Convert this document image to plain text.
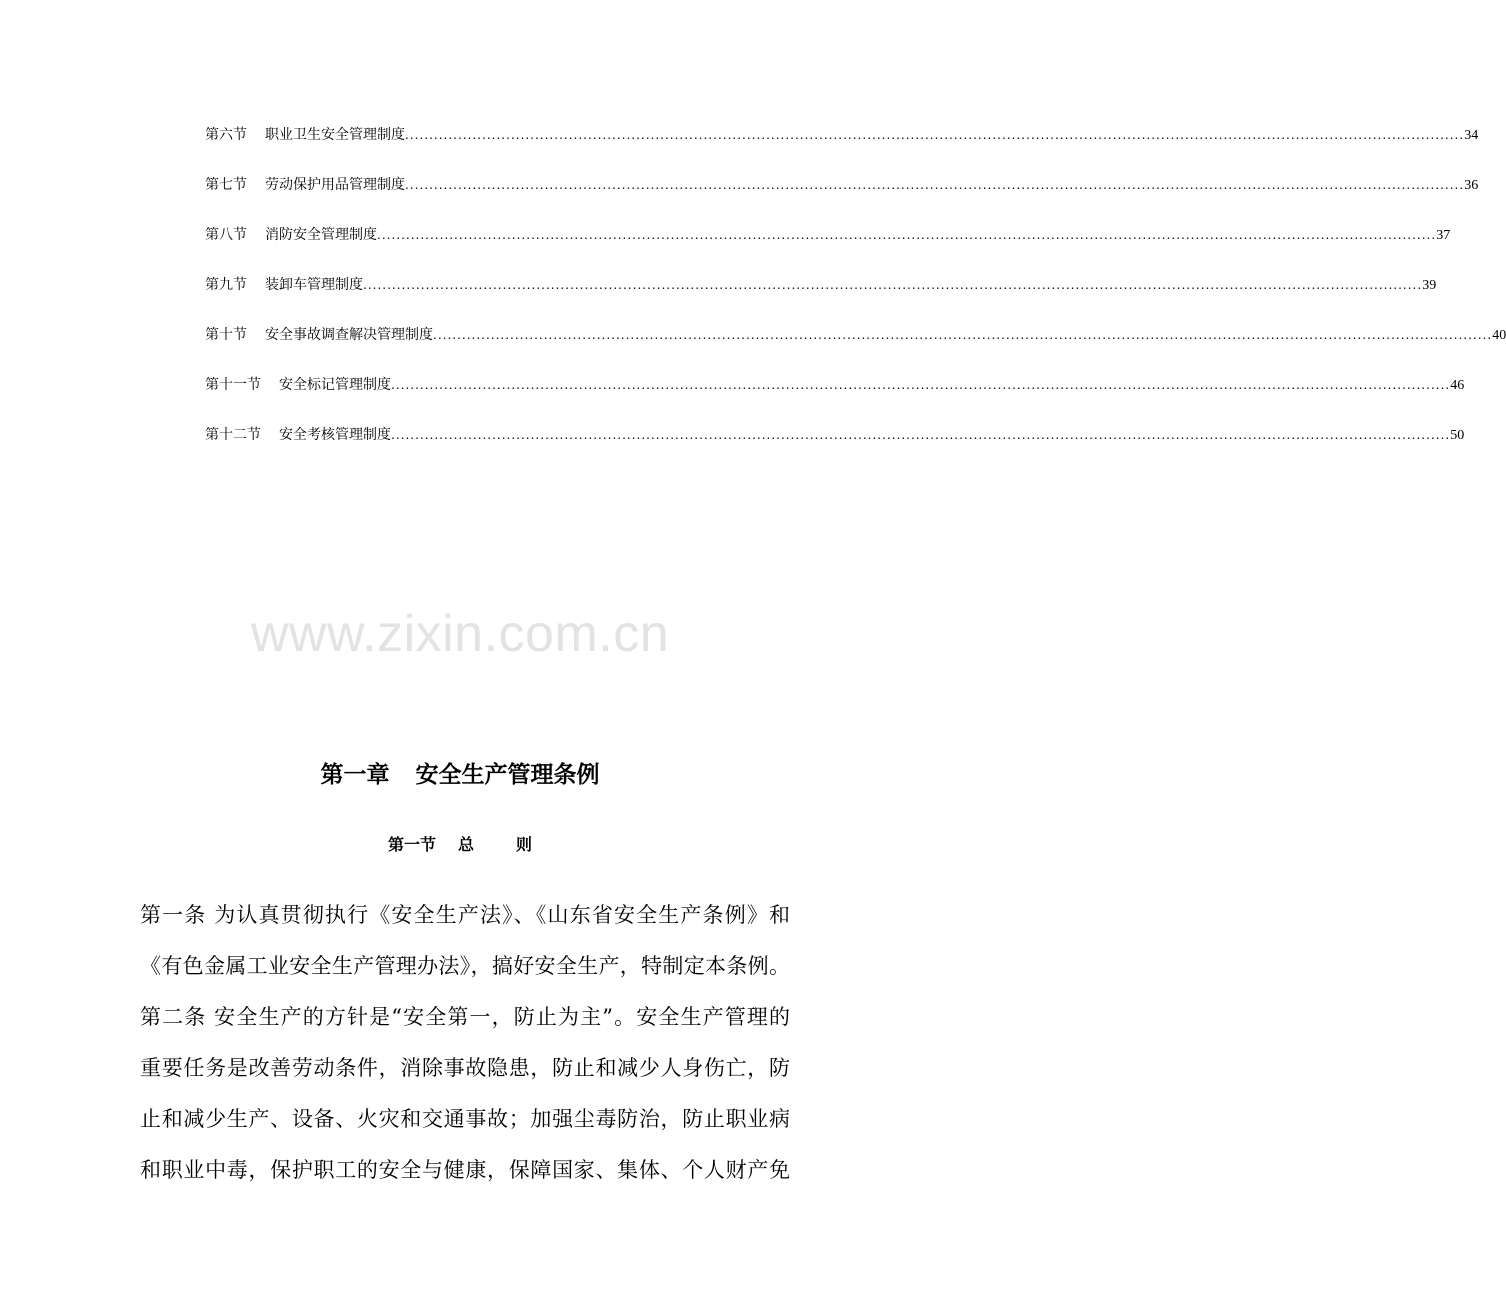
第六节 职业卫生安全管理制度 ............................................................................................................................................................................................................................ 34
第七节 劳动保护用品管理制度 ............................................................................................................................................................................................................................ 36
第八节 消防安全管理制度 ............................................................................................................................................................................................................................ 37
第九节 装卸车管理制度 ............................................................................................................................................................................................................................ 39
第十节 安全事故调查解决管理制度 ............................................................................................................................................................................................................................ 40
第十一节 安全标记管理制度 ............................................................................................................................................................................................................................ 46
第十二节 安全考核管理制度 ............................................................................................................................................................................................................................ 50
www.zixin.com.cn
第一章 安全生产管理条例
第一节 总	则
第一条 为认真贯彻执行《安全生产法》、《山东省安全生产条例》和
《有色金属工业安全生产管理办法》，搞好安全生产，特制定本条例。
第二条 安全生产的方针是“安全第一，防止为主”。安全生产管理的
重要任务是改善劳动条件，消除事故隐患，防止和减少人身伤亡，防
止和减少生产、设备、火灾和交通事故；加强尘毒防治，防止职业病
和职业中毒，保护职工的安全与健康，保障国家、集体、个人财产免
